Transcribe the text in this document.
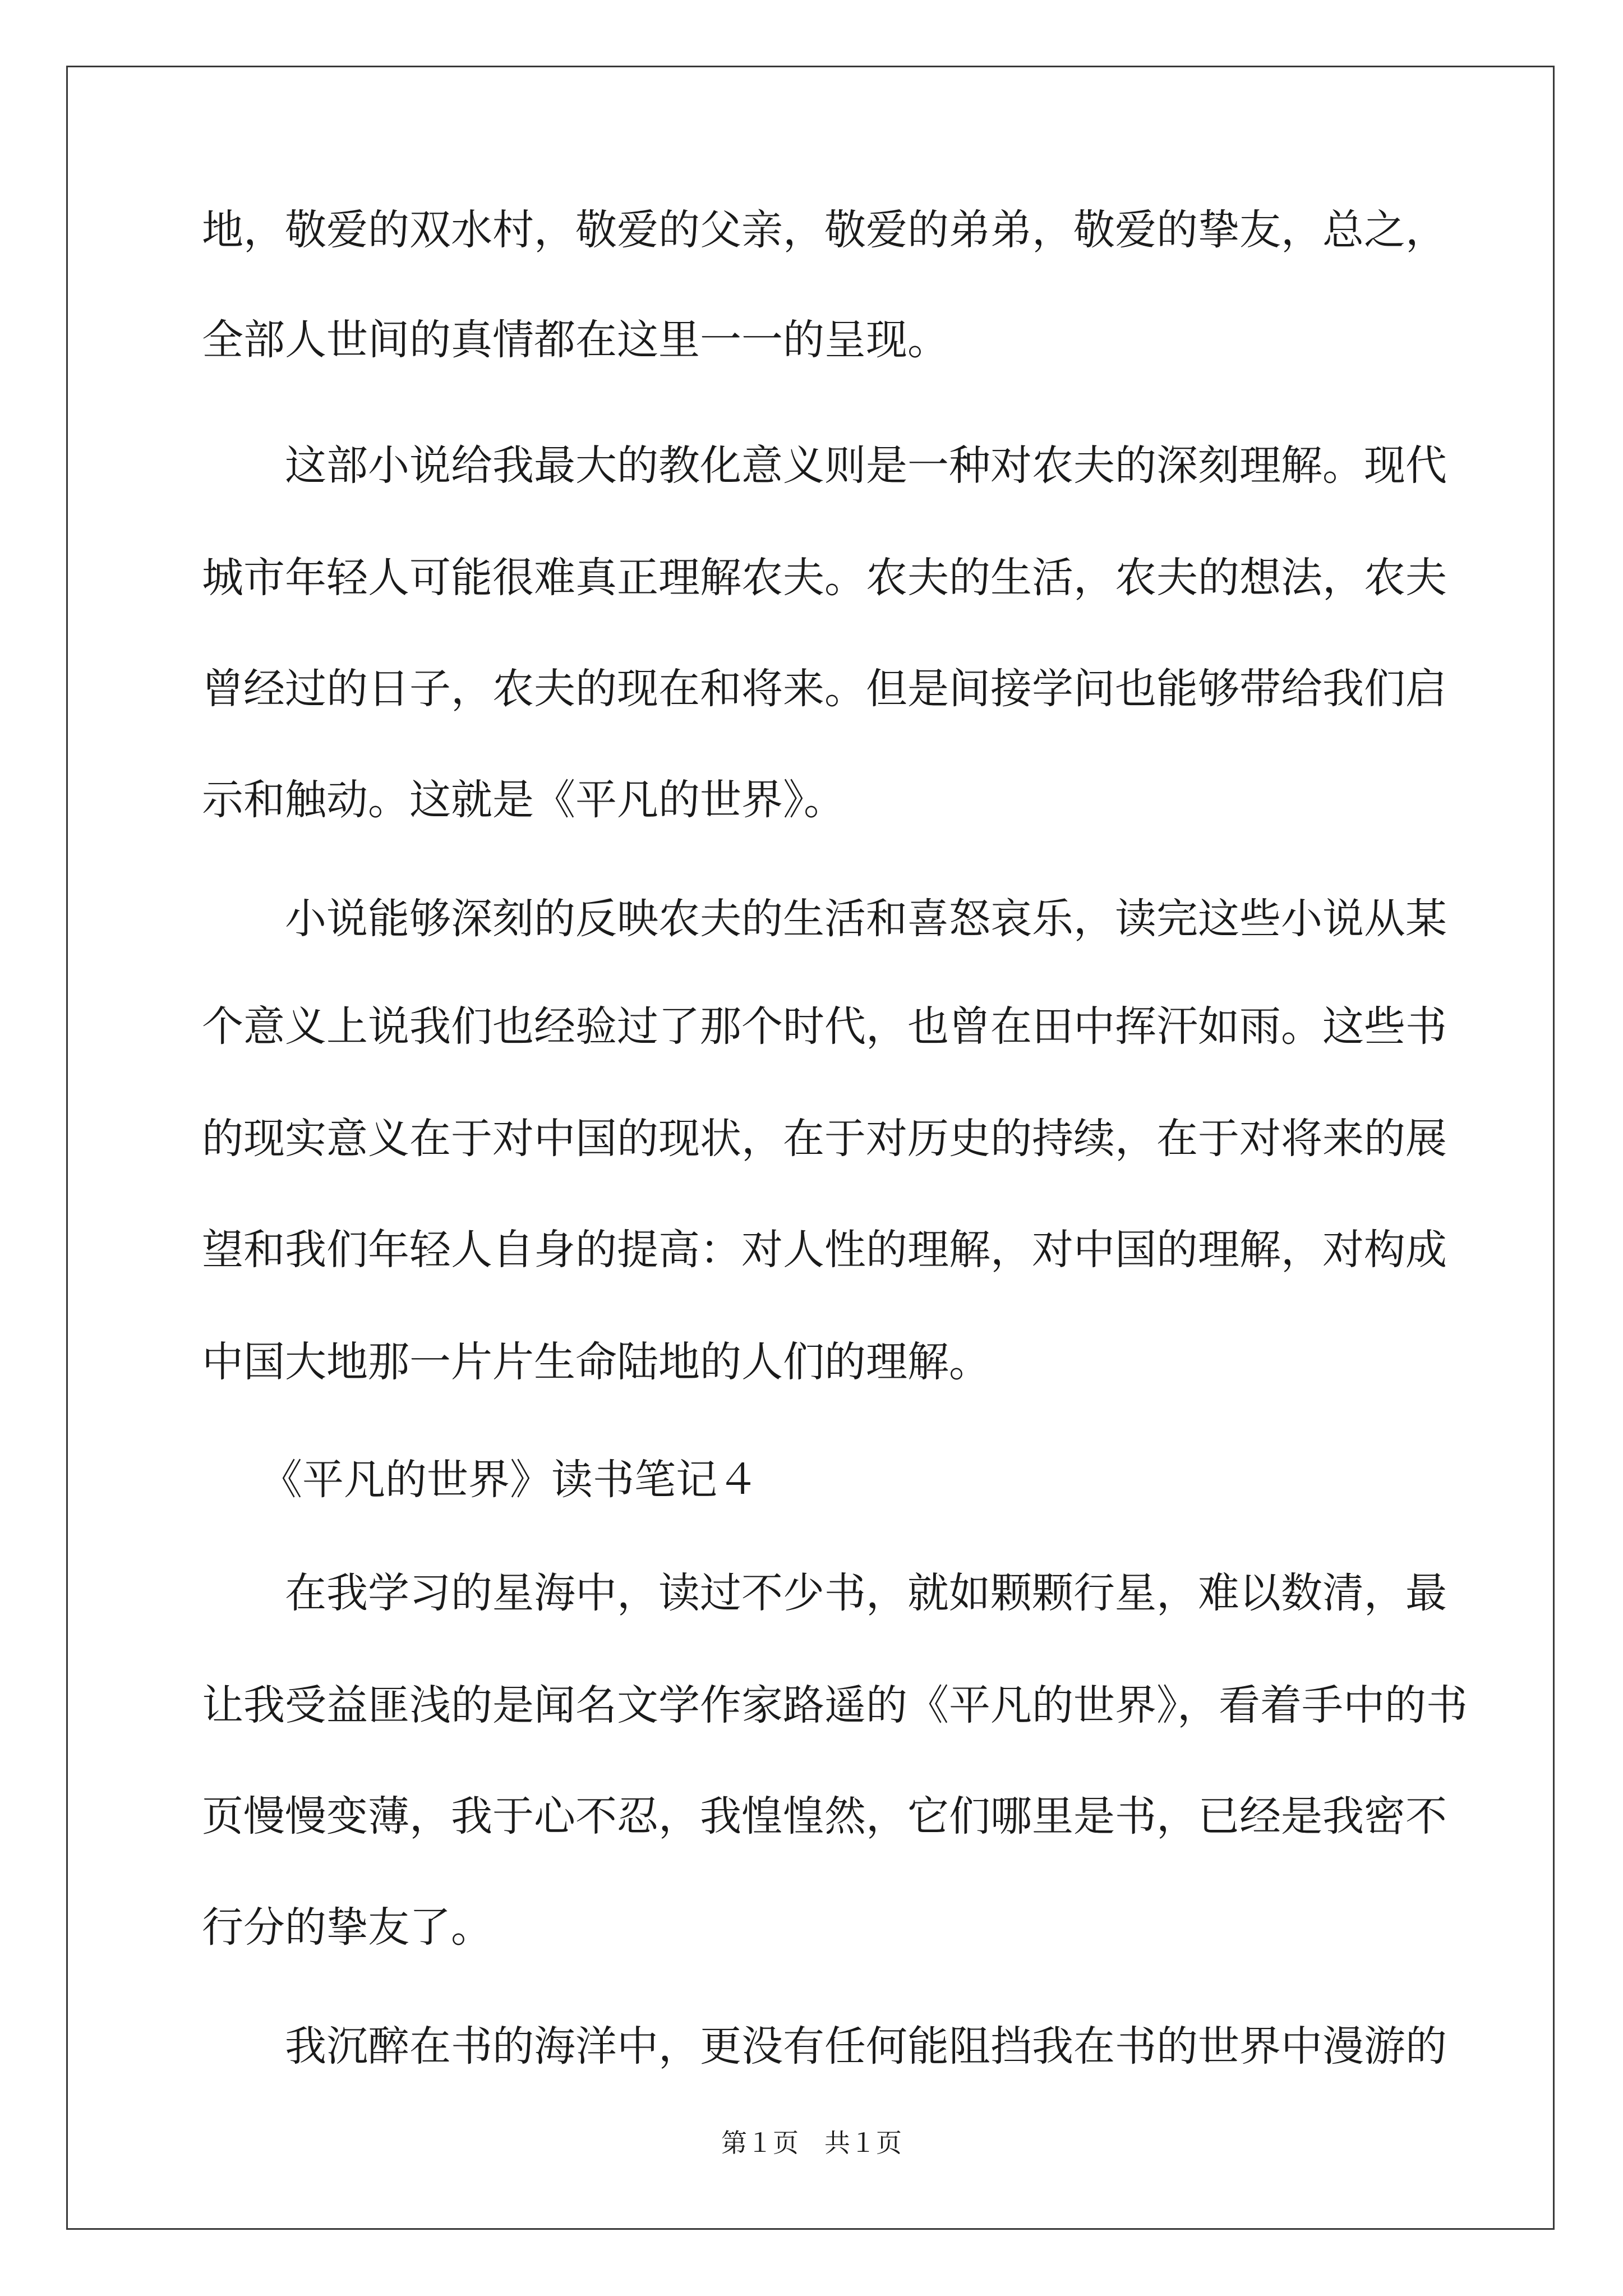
地，敬爱的双水村，敬爱的父亲，敬爱的弟弟，敬爱的挚友，总之，
全部人世间的真情都在这里一一的呈现。
这部小说给我最大的教化意义则是一种对农夫的深刻理解。现代
城市年轻人可能很难真正理解农夫。农夫的生活，农夫的想法，农夫
曾经过的日子，农夫的现在和将来。但是间接学问也能够带给我们启
示和触动。这就是《平凡的世界》。
小说能够深刻的反映农夫的生活和喜怒哀乐，读完这些小说从某
个意义上说我们也经验过了那个时代，也曾在田中挥汗如雨。这些书
的现实意义在于对中国的现状，在于对历史的持续，在于对将来的展
望和我们年轻人自身的提高：对人性的理解，对中国的理解，对构成
中国大地那一片片生命陆地的人们的理解。
《平凡的世界》读书笔记４
在我学习的星海中，读过不少书，就如颗颗行星，难以数清，最
让我受益匪浅的是闻名文学作家路遥的《平凡的世界》，看着手中的书
页慢慢变薄，我于心不忍，我惶惶然，它们哪里是书，已经是我密不
行分的挚友了。
我沉醉在书的海洋中，更没有任何能阻挡我在书的世界中漫游的
第１页　共１页
